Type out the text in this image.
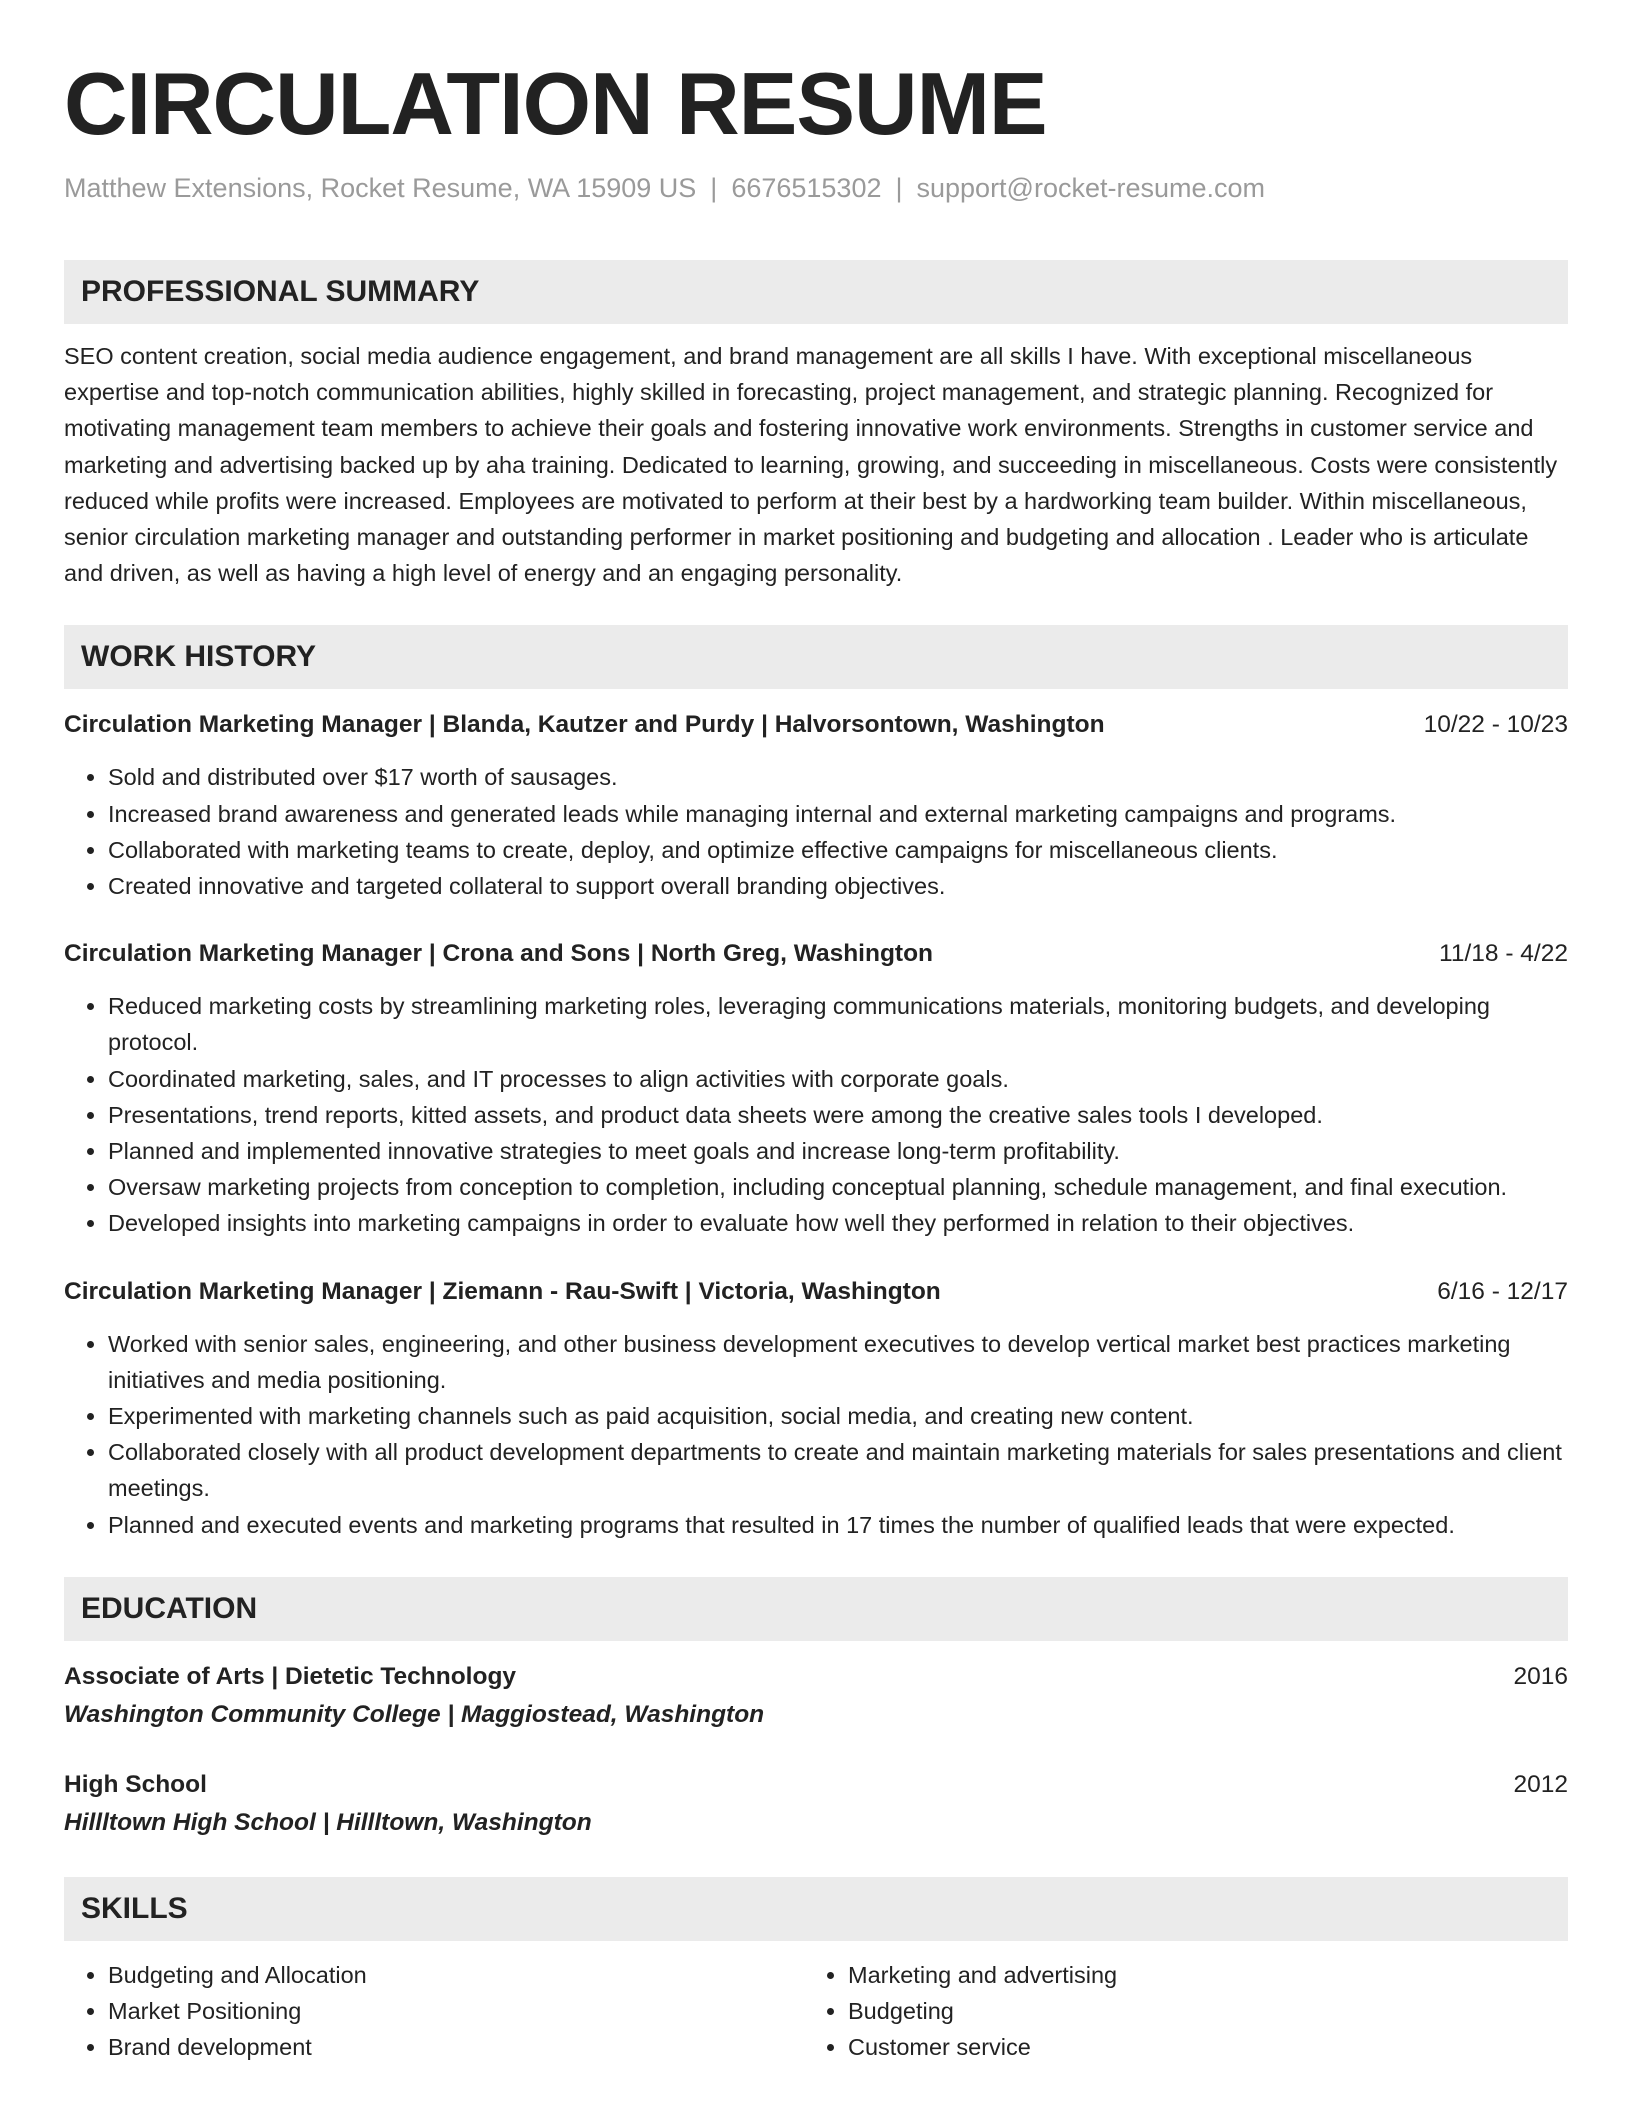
CIRCULATION RESUME
Matthew Extensions, Rocket Resume, WA 15909 US | 6676515302 | support@rocket-resume.com
PROFESSIONAL SUMMARY

SEO content creation, social media audience engagement, and brand management are all skills I have. With exceptional miscellaneous expertise and top-notch communication abilities, highly skilled in forecasting, project management, and strategic planning. Recognized for motivating management team members to achieve their goals and fostering innovative work environments. Strengths in customer service and marketing and advertising backed up by aha training. Dedicated to learning, growing, and succeeding in miscellaneous. Costs were consistently reduced while profits were increased. Employees are motivated to perform at their best by a hardworking team builder. Within miscellaneous, senior circulation marketing manager and outstanding performer in market positioning and budgeting and allocation . Leader who is articulate and driven, as well as having a high level of energy and an engaging personality.

WORK HISTORY
Circulation Marketing Manager | Blanda, Kautzer and Purdy | Halvorsontown, Washington	10/22 - 10/23
• Sold and distributed over $17 worth of sausages.
• Increased brand awareness and generated leads while managing internal and external marketing campaigns and programs.
• Collaborated with marketing teams to create, deploy, and optimize effective campaigns for miscellaneous clients.
• Created innovative and targeted collateral to support overall branding objectives.
Circulation Marketing Manager | Crona and Sons | North Greg, Washington	11/18 - 4/22
• Reduced marketing costs by streamlining marketing roles, leveraging communications materials, monitoring budgets, and developing protocol.
• Coordinated marketing, sales, and IT processes to align activities with corporate goals.
• Presentations, trend reports, kitted assets, and product data sheets were among the creative sales tools I developed.
• Planned and implemented innovative strategies to meet goals and increase long-term profitability.
• Oversaw marketing projects from conception to completion, including conceptual planning, schedule management, and final execution.
• Developed insights into marketing campaigns in order to evaluate how well they performed in relation to their objectives.
Circulation Marketing Manager | Ziemann - Rau-Swift | Victoria, Washington	6/16 - 12/17
• Worked with senior sales, engineering, and other business development executives to develop vertical market best practices marketing initiatives and media positioning.
• Experimented with marketing channels such as paid acquisition, social media, and creating new content.
• Collaborated closely with all product development departments to create and maintain marketing materials for sales presentations and client meetings.
• Planned and executed events and marketing programs that resulted in 17 times the number of qualified leads that were expected.
EDUCATION
Associate of Arts | Dietetic Technology	2016
Washington Community College | Maggiostead, Washington
High School	2012
Hillltown High School | Hillltown, Washington
SKILLS
• Budgeting and Allocation
• Market Positioning
• Brand development
• Marketing and advertising
• Budgeting
• Customer service
